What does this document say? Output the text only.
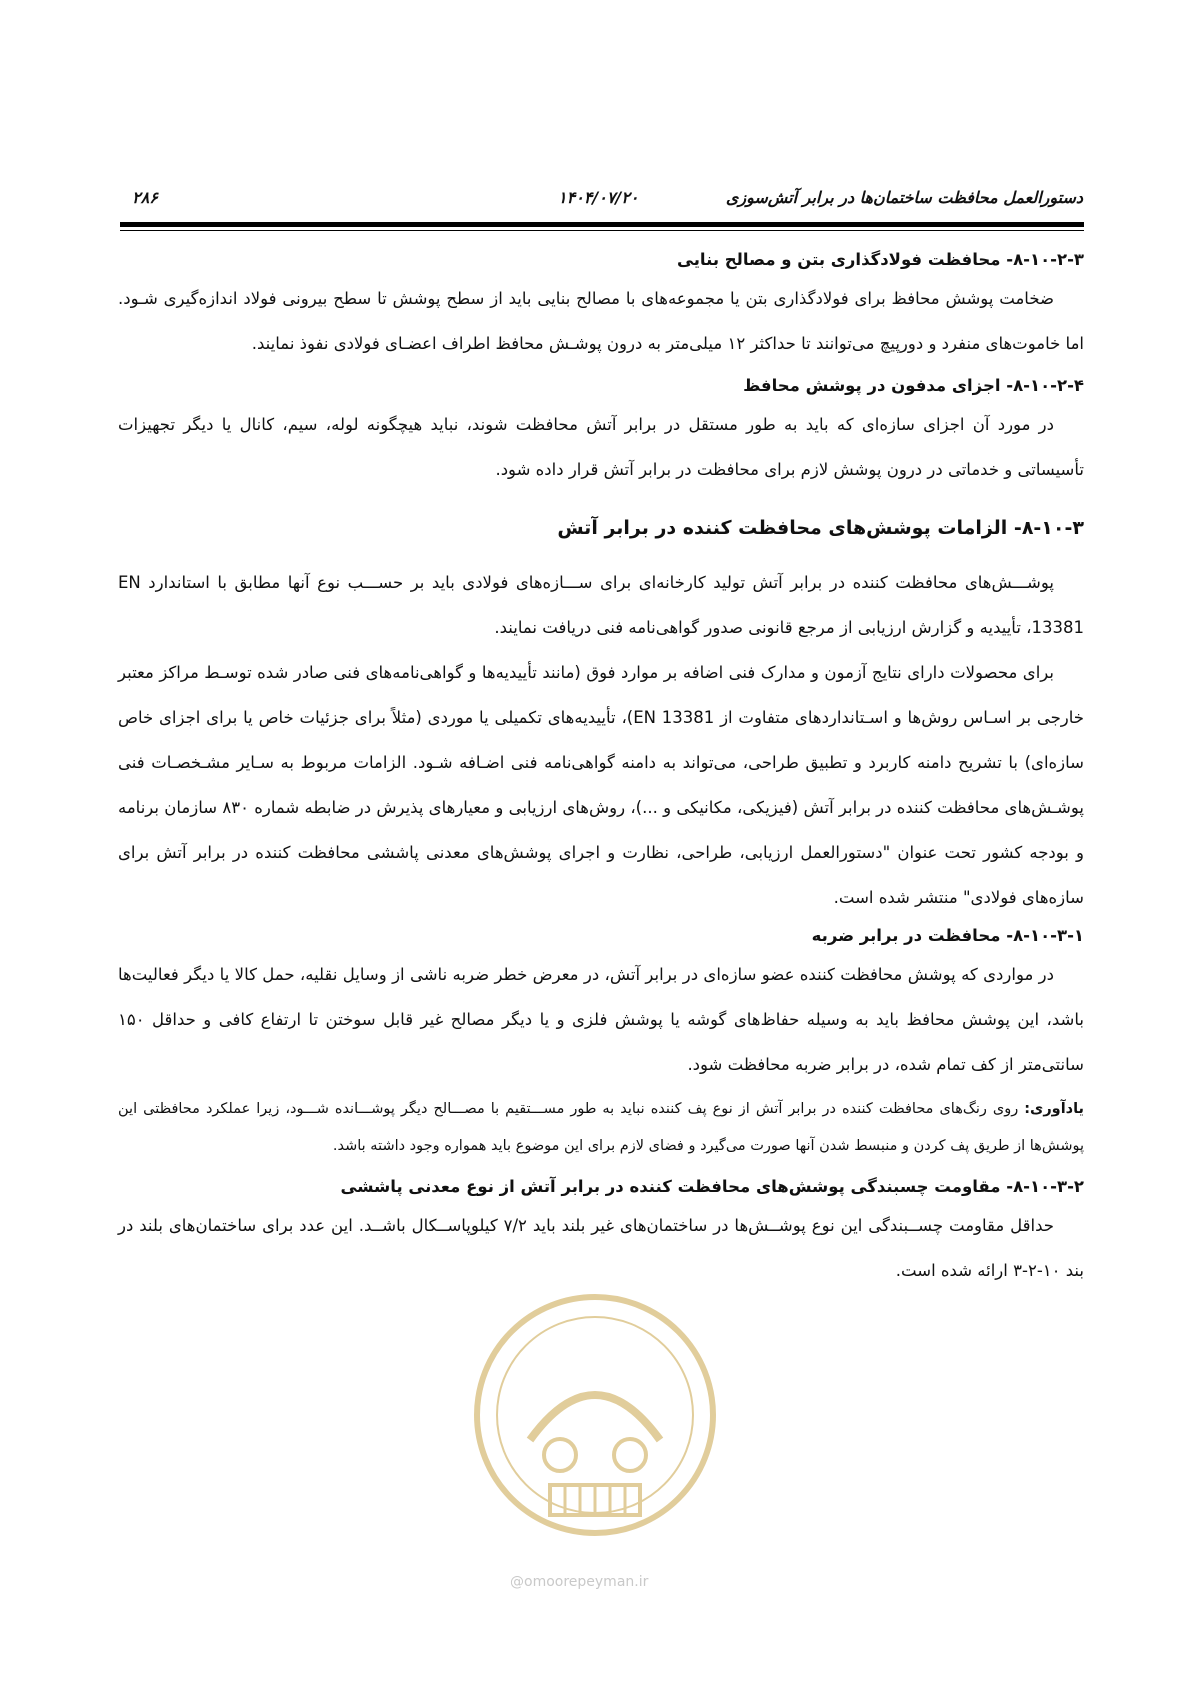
دستورالعمل محافظت ساختمان‌ها در برابر آتش‌سوزی
۱۴۰۴/۰۷/۲۰
۲۸۶
۸-۱۰-۲-۳- محافظت فولادگذاری بتن و مصالح بنایی

ضخامت پوشش محافظ برای فولادگذاری بتن یا مجموعه‌های با مصالح بنایی باید از سطح پوشش تا سطح بیرونی فولاد اندازه‌گیری شـود. اما خاموت‌های منفرد و دورپیچ می‌توانند تا حداکثر ۱۲ میلی‌متر به درون پوشـش محافظ اطراف اعضـای فولادی نفوذ نمایند.

۸-۱۰-۲-۴- اجزای مدفون در پوشش محافظ

در مورد آن اجزای سازه‌ای که باید به طور مستقل در برابر آتش محافظت شوند، نباید هیچگونه لوله، سیم، کانال یا دیگر تجهیزات تأسیساتی و خدماتی در درون پوشش لازم برای محافظت در برابر آتش قرار داده شود.

۸-۱۰-۳- الزامات پوشش‌های محافظت کننده در برابر آتش

پوشـــش‌های محافظت کننده در برابر آتش تولید کارخانه‌ای برای ســـازه‌های فولادی باید بر حســـب نوع آنها مطابق با استاندارد EN 13381، تأییدیه و گزارش ارزیابی از مرجع قانونی صدور گواهی‌نامه فنی دریافت نمایند.

برای محصولات دارای نتایج آزمون و مدارک فنی اضافه بر موارد فوق (مانند تأییدیه‌ها و گواهی‌نامه‌های فنی صادر شده توسـط مراکز معتبر خارجی بر اسـاس روش‌ها و اسـتانداردهای متفاوت از EN 13381)، تأییدیه‌های تکمیلی یا موردی (مثلاً برای جزئیات خاص یا برای اجزای خاص سازه‌ای) با تشریح دامنه کاربرد و تطبیق طراحی، می‌تواند به دامنه گواهی‌نامه فنی اضـافه شـود. الزامات مربوط به سـایر مشـخصـات فنی پوشـش‌های محافظت کننده در برابر آتش (فیزیکی، مکانیکی و ...)، روش‌های ارزیابی و معیارهای پذیرش در ضابطه شماره ۸۳۰ سازمان برنامه و بودجه کشور تحت عنوان "دستورالعمل ارزیابی، طراحی، نظارت و اجرای پوشش‌های معدنی پاششی محافظت کننده در برابر آتش برای سازه‌های فولادی" منتشر شده است.

۸-۱۰-۳-۱- محافظت در برابر ضربه

در مواردی که پوشش محافظت کننده عضو سازه‌ای در برابر آتش، در معرض خطر ضربه ناشی از وسایل نقلیه، حمل کالا یا دیگر فعالیت‌ها باشد، این پوشش محافظ باید به وسیله حفاظ‌های گوشه یا پوشش فلزی و یا دیگر مصالح غیر قابل سوختن تا ارتفاع کافی و حداقل ۱۵۰ سانتی‌متر از کف تمام شده، در برابر ضربه محافظت شود.

یادآوری: روی رنگ‌های محافظت کننده در برابر آتش از نوع پف کننده نباید به طور مســـتقیم با مصـــالح دیگر پوشـــانده شـــود، زیرا عملکرد محافظتی این پوشش‌ها از طریق پف کردن و منبسط شدن آنها صورت می‌گیرد و فضای لازم برای این موضوع باید همواره وجود داشته باشد.

۸-۱۰-۳-۲- مقاومت چسبندگی پوشش‌های محافظت کننده در برابر آتش از نوع معدنی پاششی

حداقل مقاومت چســبندگی این نوع پوشــش‌ها در ساختمان‌های غیر بلند باید ۷/۲ کیلوپاســکال باشــد. این عدد برای ساختمان‌های بلند در بند ۱۰-۲-۳ ارائه شده است.

@omoorepeyman.ir
